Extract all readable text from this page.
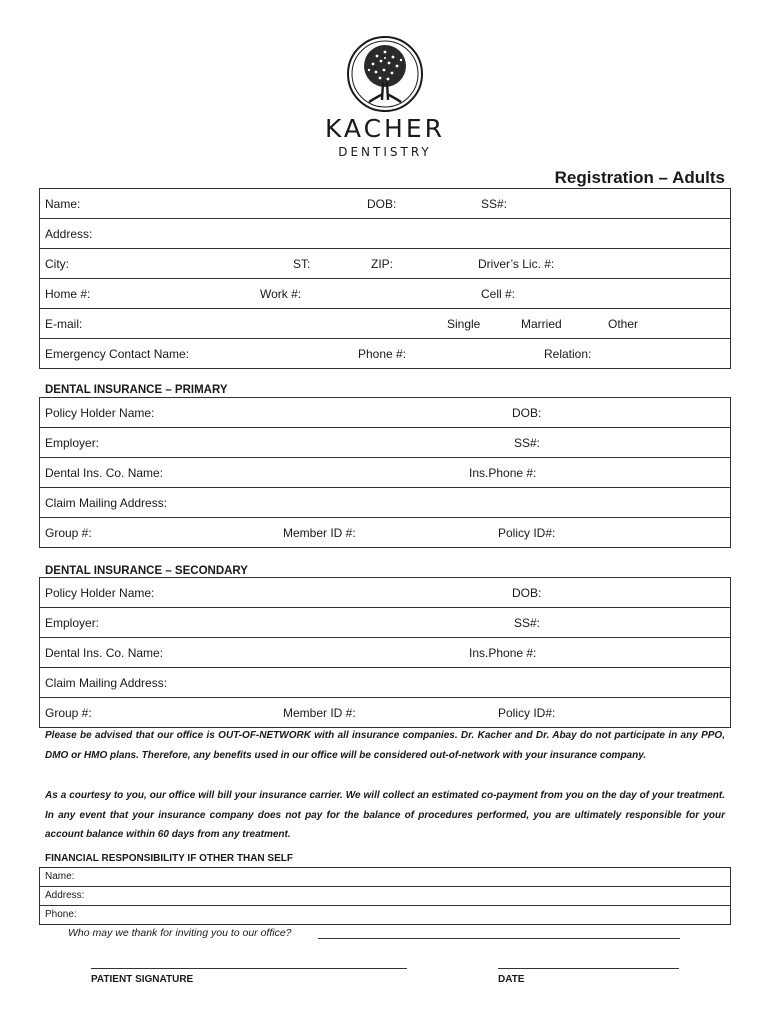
KACHER
DENTISTRY
Registration – Adults
Name:	DOB:	SS#:
Address:
City:	ST:	ZIP:	Driver’s Lic. #:
Home #:	Work #:	Cell #:
E-mail:	Single	Married	Other
Emergency Contact Name:	Phone #:	Relation:
DENTAL INSURANCE – PRIMARY
Policy Holder Name:	DOB:
Employer:	SS#:
Dental Ins. Co. Name:	Ins.Phone #:
Claim Mailing Address:
Group #:	Member ID #:	Policy ID#:
DENTAL INSURANCE – SECONDARY
Policy Holder Name:	DOB:
Employer:	SS#:
Dental Ins. Co. Name:	Ins.Phone #:
Claim Mailing Address:
Group #:	Member ID #:	Policy ID#:
Please be advised that our office is OUT-OF-NETWORK with all insurance companies. Dr. Kacher and Dr. Abay do not participate in any PPO, DMO or HMO plans. Therefore, any benefits used in our office will be considered out-of-network with your insurance company.
As a courtesy to you, our office will bill your insurance carrier. We will collect an estimated co-payment from you on the day of your treatment. In any event that your insurance company does not pay for the balance of procedures performed, you are ultimately responsible for your account balance within 60 days from any treatment.
FINANCIAL RESPONSIBILITY IF OTHER THAN SELF
Name:
Address:
Phone:
Who may we thank for inviting you to our office?
PATIENT SIGNATURE	DATE
